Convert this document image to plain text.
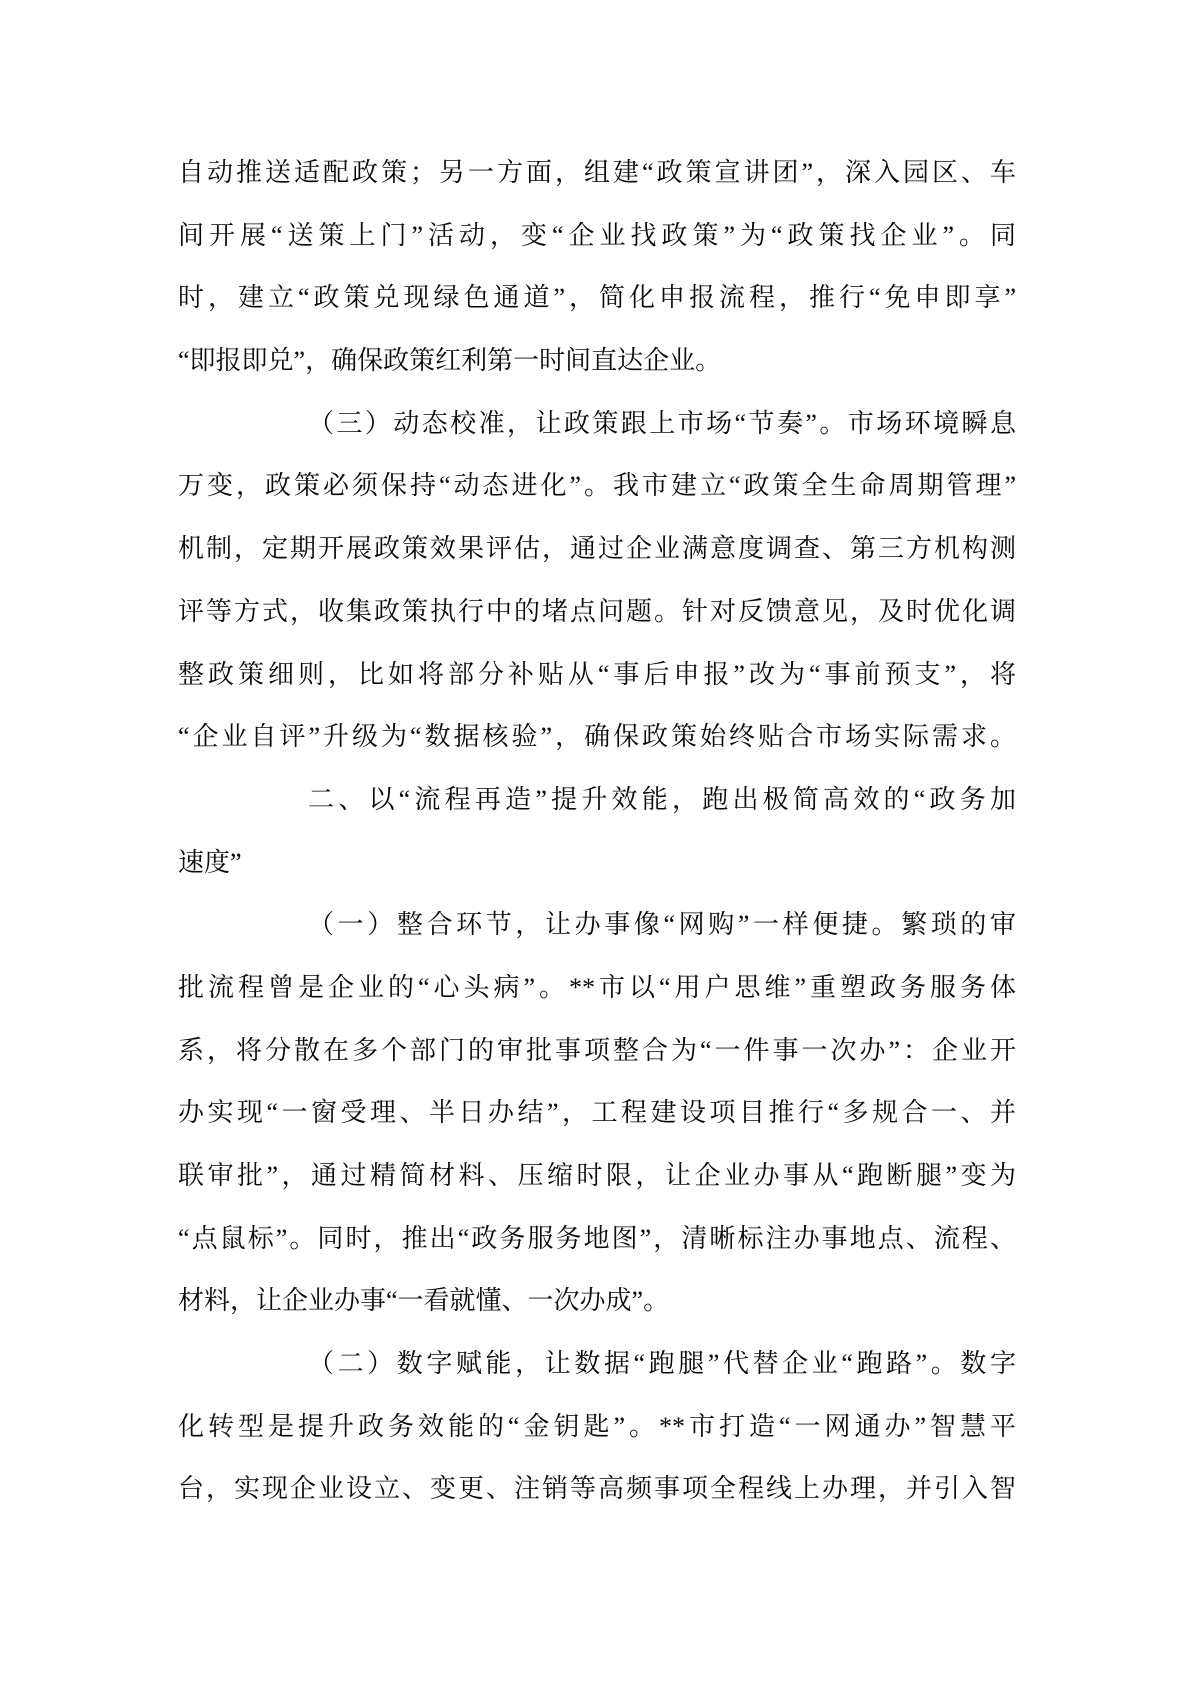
自动推送适配政策；另一方面，组建“政策宣讲团”，深入园区、车
间开展“送策上门”活动，变“企业找政策”为“政策找企业”。同
时，建立“政策兑现绿色通道”，简化申报流程，推行“免申即享”
“即报即兑”，确保政策红利第一时间直达企业。
（三）动态校准，让政策跟上市场“节奏”。市场环境瞬息
万变，政策必须保持“动态进化”。我市建立“政策全生命周期管理”
机制，定期开展政策效果评估，通过企业满意度调查、第三方机构测
评等方式，收集政策执行中的堵点问题。针对反馈意见，及时优化调
整政策细则，比如将部分补贴从“事后申报”改为“事前预支”，将
“企业自评”升级为“数据核验”，确保政策始终贴合市场实际需求。
二、以“流程再造”提升效能，跑出极简高效的“政务加
速度”
（一）整合环节，让办事像“网购”一样便捷。繁琐的审
批流程曾是企业的“心头病”。**市以“用户思维”重塑政务服务体
系，将分散在多个部门的审批事项整合为“一件事一次办”：企业开
办实现“一窗受理、半日办结”，工程建设项目推行“多规合一、并
联审批”，通过精简材料、压缩时限，让企业办事从“跑断腿”变为
“点鼠标”。同时，推出“政务服务地图”，清晰标注办事地点、流程、
材料，让企业办事“一看就懂、一次办成”。
（二）数字赋能，让数据“跑腿”代替企业“跑路”。数字
化转型是提升政务效能的“金钥匙”。**市打造“一网通办”智慧平
台，实现企业设立、变更、注销等高频事项全程线上办理，并引入智
